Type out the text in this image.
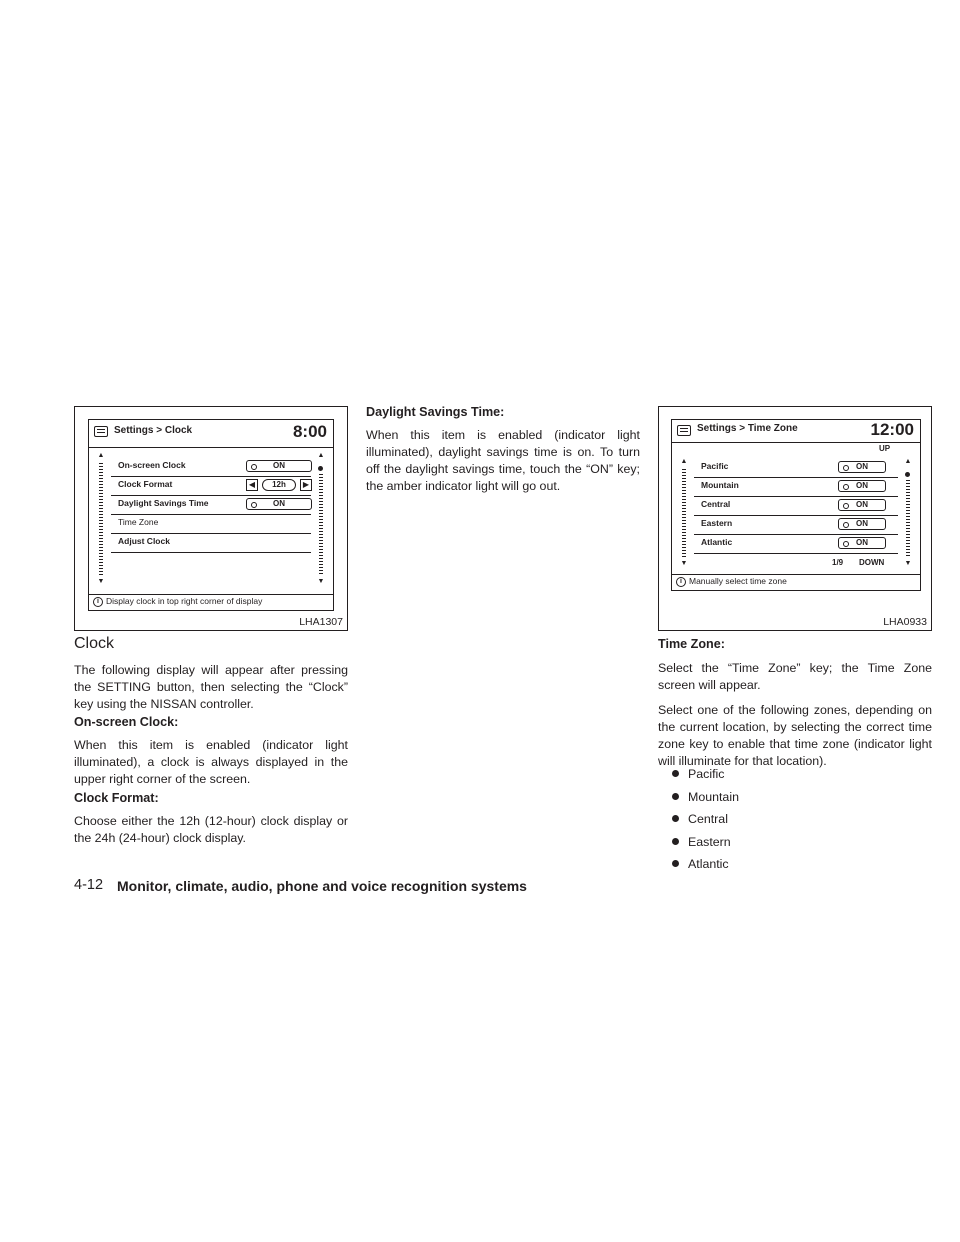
Settings > Clock	8:00
▲
▼
▲
▼
On-screen Clock	ON
Clock Format	◀	12h	▶
Daylight Savings Time	ON
Time Zone
Adjust Clock
i Display clock in top right corner of display
LHA1307
Settings > Time Zone	12:00
UP
▲
▼
▲
▼
Pacific	ON
Mountain	ON
Central	ON
Eastern	ON
Atlantic	ON
1/9 DOWN
i Manually select time zone
LHA0933
Clock
The following display will appear after pressing the SETTING button, then selecting the “Clock” key using the NISSAN controller.
On-screen Clock:
When this item is enabled (indicator light illuminated), a clock is always displayed in the upper right corner of the screen.
Clock Format:
Choose either the 12h (12-hour) clock display or the 24h (24-hour) clock display.
Daylight Savings Time:
When this item is enabled (indicator light illuminated), daylight savings time is on. To turn off the daylight savings time, touch the “ON” key; the amber indicator light will go out.
Time Zone:
Select the “Time Zone” key; the Time Zone screen will appear.
Select one of the following zones, depending on the current location, by selecting the correct time zone key to enable that time zone (indicator light will illuminate for that location).
Pacific
Mountain
Central
Eastern
Atlantic
4-12 Monitor, climate, audio, phone and voice recognition systems
